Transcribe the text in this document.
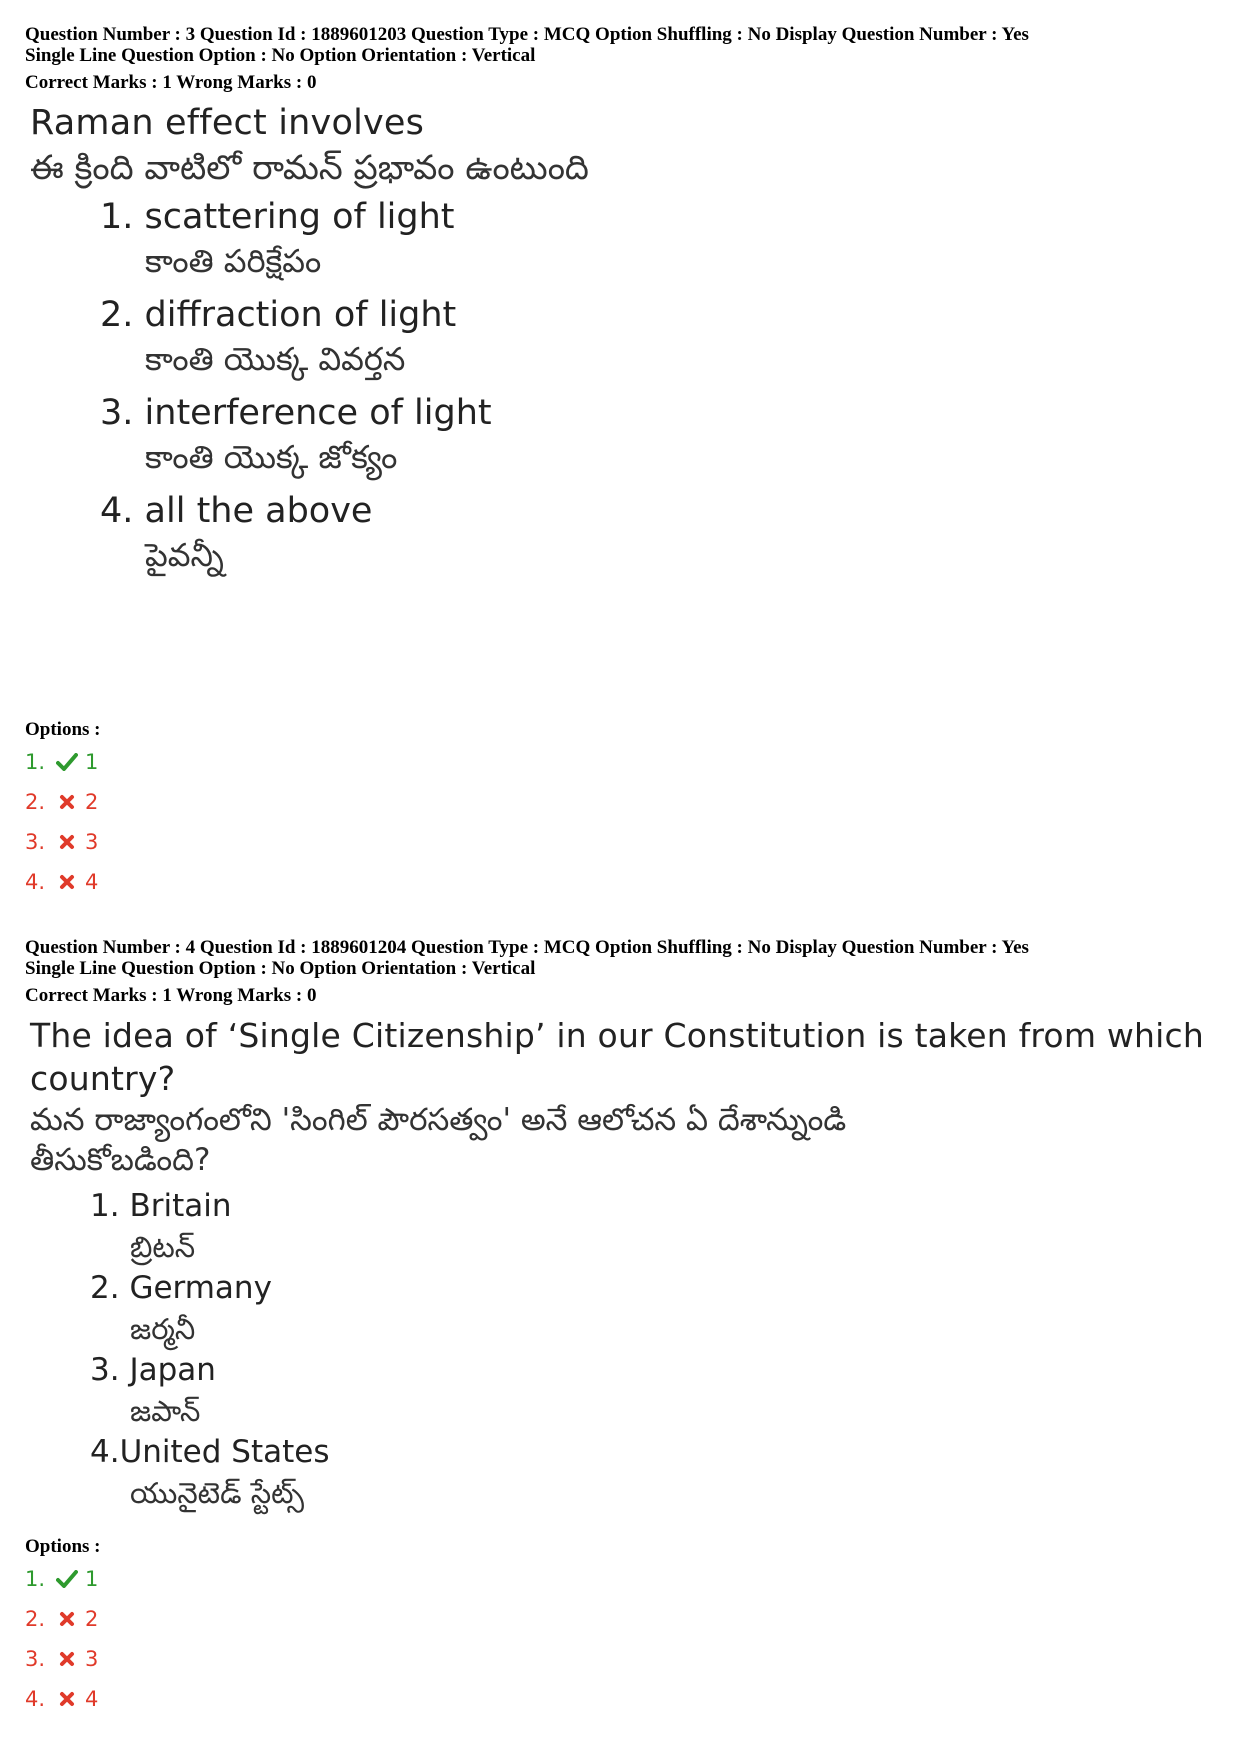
Question Number : 3 Question Id : 1889601203 Question Type : MCQ Option Shuffling : No Display Question Number : Yes
Single Line Question Option : No Option Orientation : Vertical
Correct Marks : 1 Wrong Marks : 0
Raman effect involves
ఈ క్రింది వాటిలో రామన్ ప్రభావం ఉంటుంది
1. scattering of light
కాంతి పరిక్షేపం
2. diffraction of light
కాంతి యొక్క వివర్తన
3. interference of light
కాంతి యొక్క జోక్యం
4. all the above
పైవన్నీ
Options :
1.	1
2.	2
3.	3
4.	4
Question Number : 4 Question Id : 1889601204 Question Type : MCQ Option Shuffling : No Display Question Number : Yes
Single Line Question Option : No Option Orientation : Vertical
Correct Marks : 1 Wrong Marks : 0
The idea of ‘Single Citizenship’ in our Constitution is taken from which
country?
మన రాజ్యాంగంలోని 'సింగిల్ పౌరసత్వం' అనే ఆలోచన ఏ దేశాన్నుండి
తీసుకోబడింది?
1. Britain
బ్రిటన్
2. Germany
జర్మనీ
3. Japan
జపాన్
4.United States
యునైటెడ్ స్టేట్స్
Options :
1.	1
2.	2
3.	3
4.	4
